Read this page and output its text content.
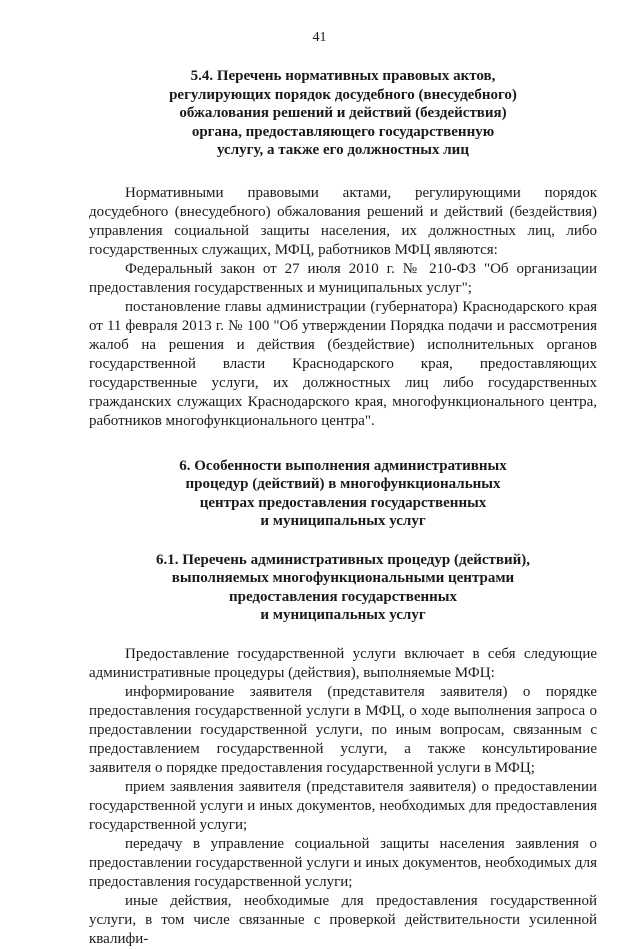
41
5.4. Перечень нормативных правовых актов,
регулирующих порядок досудебного (внесудебного)
обжалования решений и действий (бездействия)
органа, предоставляющего государственную
услугу, а также его должностных лиц

Нормативными правовыми актами, регулирующими порядок досудебного (внесудебного) обжалования решений и действий (бездействия) управления социальной защиты населения, их должностных лиц, либо государственных служащих, МФЦ, работников МФЦ являются:

Федеральный закон от 27 июля 2010 г. № 210-ФЗ "Об организации предоставления государственных и муниципальных услуг";

постановление главы администрации (губернатора) Краснодарского края от 11 февраля 2013 г. № 100 "Об утверждении Порядка подачи и рассмотрения жалоб на решения и действия (бездействие) исполнительных органов государственной власти Краснодарского края, предоставляющих государственные услуги, их должностных лиц либо государственных гражданских служащих Краснодарского края, многофункционального центра, работников многофункционального центра".

6. Особенности выполнения административных
процедур (действий) в многофункциональных
центрах предоставления государственных
и муниципальных услуг
6.1. Перечень административных процедур (действий),
выполняемых многофункциональными центрами
предоставления государственных
и муниципальных услуг

Предоставление государственной услуги включает в себя следующие административные процедуры (действия), выполняемые МФЦ:

информирование заявителя (представителя заявителя) о порядке предоставления государственной услуги в МФЦ, о ходе выполнения запроса о предоставлении государственной услуги, по иным вопросам, связанным с предоставлением государственной услуги, а также консультирование заявителя о порядке предоставления государственной услуги в МФЦ;

прием заявления заявителя (представителя заявителя) о предоставлении государственной услуги и иных документов, необходимых для предоставления государственной услуги;

передачу в управление социальной защиты населения заявления о предоставлении государственной услуги и иных документов, необходимых для предоставления государственной услуги;

иные действия, необходимые для предоставления государственной услуги, в том числе связанные с проверкой действительности усиленной квалифи-
